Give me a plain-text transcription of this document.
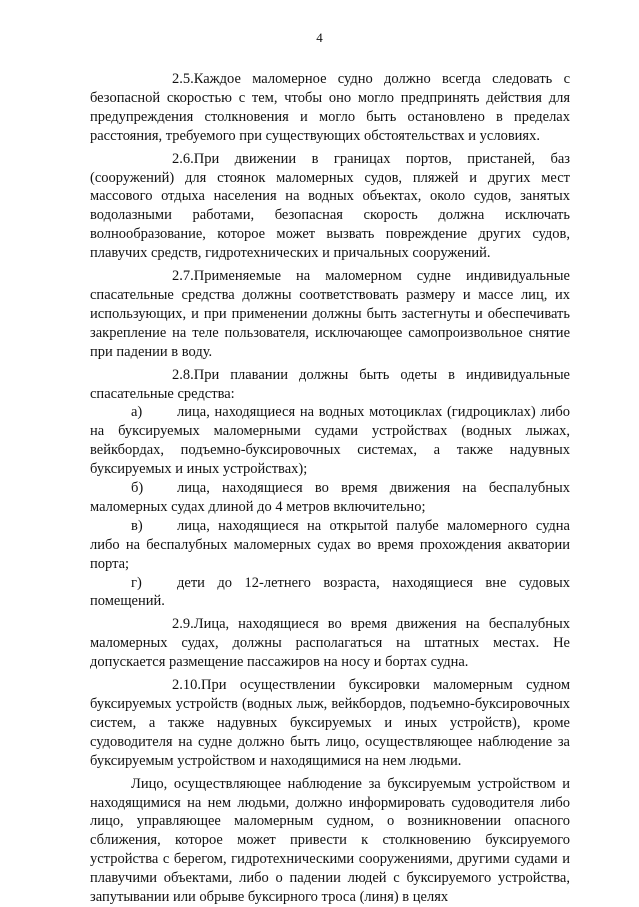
4

2.5.Каждое маломерное судно должно всегда следовать с безопасной скоростью с тем, чтобы оно могло предпринять действия для предупреждения столкновения и могло быть остановлено в пределах расстояния, требуемого при существующих обстоятельствах и условиях.

2.6.При движении в границах портов, пристаней, баз (сооружений) для стоянок маломерных судов, пляжей и других мест массового отдыха населения на водных объектах, около судов, занятых водолазными работами, безопасная скорость должна исключать волнообразование, которое может вызвать повреждение других судов, плавучих средств, гидротехнических и причальных сооружений.

2.7.Применяемые на маломерном судне индивидуальные спасательные средства должны соответствовать размеру и массе лиц, их использующих, и при применении должны быть застегнуты и обеспечивать закрепление на теле пользователя, исключающее самопроизвольное снятие при падении в воду.

2.8.При плавании должны быть одеты в индивидуальные спасательные средства:

а) лица, находящиеся на водных мотоциклах (гидроциклах) либо на буксируемых маломерными судами устройствах (водных лыжах, вейкбордах, подъемно-буксировочных системах, а также надувных буксируемых и иных устройствах);

б) лица, находящиеся во время движения на беспалубных маломерных судах длиной до 4 метров включительно;

в) лица, находящиеся на открытой палубе маломерного судна либо на беспалубных маломерных судах во время прохождения акватории порта;

г) дети до 12-летнего возраста, находящиеся вне судовых помещений.

2.9.Лица, находящиеся во время движения на беспалубных маломерных судах, должны располагаться на штатных местах. Не допускается размещение пассажиров на носу и бортах судна.

2.10.При осуществлении буксировки маломерным судном буксируемых устройств (водных лыж, вейкбордов, подъемно-буксировочных систем, а также надувных буксируемых и иных устройств), кроме судоводителя на судне должно быть лицо, осуществляющее наблюдение за буксируемым устройством и находящимися на нем людьми.

Лицо, осуществляющее наблюдение за буксируемым устройством и находящимися на нем людьми, должно информировать судоводителя либо лицо, управляющее маломерным судном, о возникновении опасного сближения, которое может привести к столкновению буксируемого устройства с берегом, гидротехническими сооружениями, другими судами и плавучими объектами, либо о падении людей с буксируемого устройства, запутывании или обрыве буксирного троса (линя) в целях
